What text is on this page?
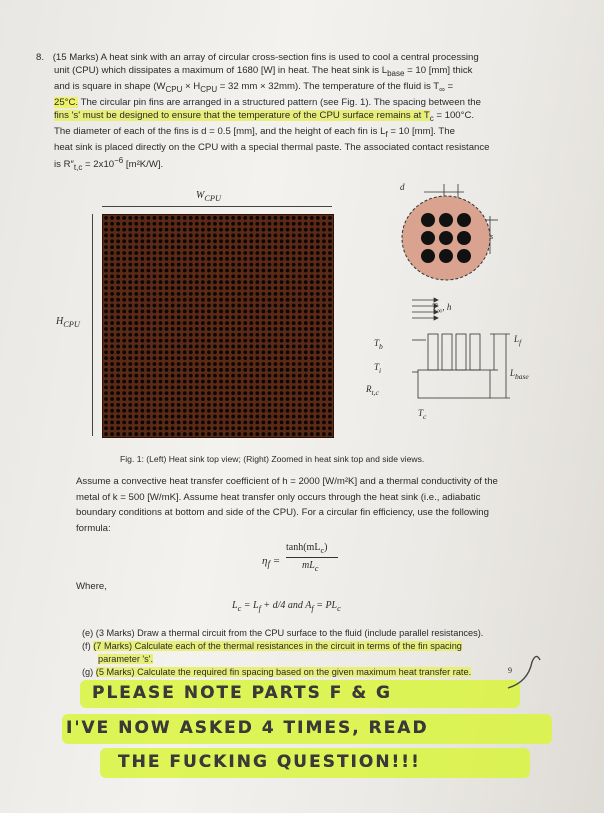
8. (15 Marks) A heat sink with an array of circular cross-section fins is used to cool a central processing
unit (CPU) which dissipates a maximum of 1680 [W] in heat. The heat sink is $L_{base} = 10$ [mm] thick
and is square in shape ($W_{CPU} \times H_{CPU} = 32$ mm × 32mm). The temperature of the fluid is $T_\infty$ =
25°C. The circular pin fins are arranged in a structured pattern (see Fig. 1). The spacing between the
fins 's' must be designed to ensure that the temperature of the CPU surface remains at $T_c = 100^\circ C$.
The diameter of each of the fins is d = 0.5 [mm], and the height of each fin is $L_f = 10$ [mm]. The
heat sink is placed directly on the CPU with a special thermal paste. The associated contact resistance
is $R''_{t,c} = 2x10^{-6}$ [m²K/W].
$W_{CPU}$
$H_{CPU}$
d
s
$T_\infty$, h
$T_b$
$T_i$
$R_{t,c}$
$T_c$
$L_f$
$L_{base}$
Fig. 1: (Left) Heat sink top view; (Right) Zoomed in heat sink top and side views.
Assume a convective heat transfer coefficient of h = 2000 [W/m²K] and a thermal conductivity of the
metal of k = 500 [W/mK]. Assume heat transfer only occurs through the heat sink (i.e., adiabatic
boundary conditions at bottom and side of the CPU). For a circular fin efficiency, use the following
formula:
$\eta_f$ =
$\tanh(mL_c)$
$mL_c$
Where,
$L_c = L_f + d/4$ and $A_f = PL_c$
(e) (3 Marks) Draw a thermal circuit from the CPU surface to the fluid (include parallel resistances).
(f) (7 Marks) Calculate each of the thermal resistances in the circuit in terms of the fin spacing
parameter 's'.
(g) (5 Marks) Calculate the required fin spacing based on the given maximum heat transfer rate.
PLEASE NOTE PARTS F & G
I'VE NOW ASKED 4 TIMES, READ
THE FUCKING QUESTION!!!
9
